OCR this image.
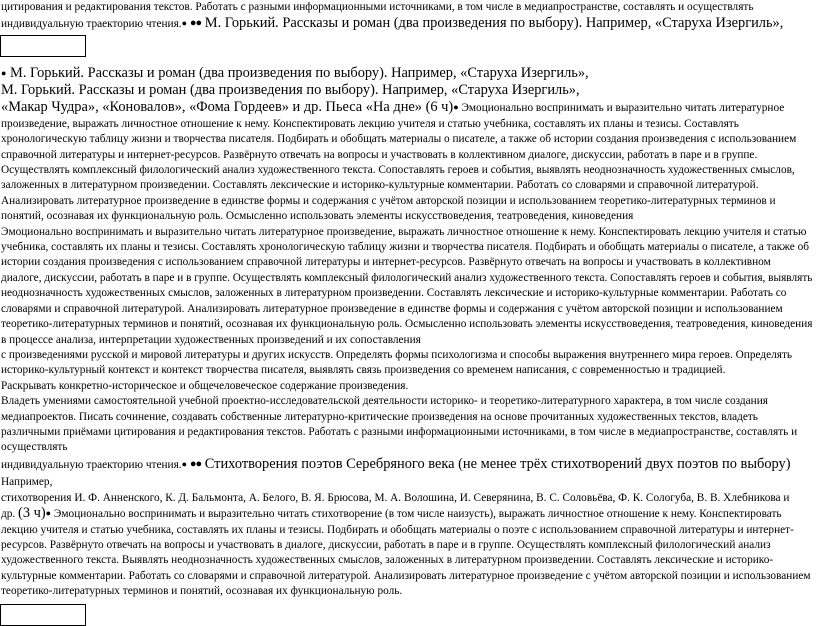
цитирования и редактирования текстов. Работать с разными информационными источниками, в том числе в медиапространстве, составлять и осуществлять

индивидуальную траекторию чтения.● ●● М. Горький. Рассказы и роман (два произведения по выбору). Например, «Старуха Изергиль»,

● М. Горький. Рассказы и роман (два произведения по выбору). Например, «Старуха Изергиль»,

М. Горький. Рассказы и роман (два произведения по выбору). Например, «Старуха Изергиль»,

«Макар Чудра», «Коновалов», «Фома Гордеев» и др. Пьеса «На дне» (6 ч)● Эмоционально воспринимать и выразительно читать литературное

произведение, выражать личностное отношение к нему. Конспектировать лекцию учителя и статью учебника, составлять их планы и тезисы. Составлять хронологическую таблицу жизни и творчества писателя. Подбирать и обобщать материалы о писателе, а также об истории создания произведения с использованием справочной литературы и интернет-ресурсов. Развёрнуто отвечать на вопросы и участвовать в коллективном диалоге, дискуссии, работать в паре и в группе. Осуществлять комплексный филологический анализ художественного текста. Сопоставлять героев и события, выявлять неоднозначность художественных смыслов, заложенных в литературном произведении. Составлять лексические и историко-культурные комментарии. Работать со словарями и справочной литературой. Анализировать литературное произведение в единстве формы и содержания с учётом авторской позиции и использованием теоретико-литературных терминов и понятий, осознавая их функциональную роль. Осмысленно использовать элементы искусствоведения, театроведения, киноведения

Эмоционально воспринимать и выразительно читать литературное произведение, выражать личностное отношение к нему. Конспектировать лекцию учителя и статью учебника, составлять их планы и тезисы. Составлять хронологическую таблицу жизни и творчества писателя. Подбирать и обобщать материалы о писателе, а также об истории создания произведения с использованием справочной литературы и интернет-ресурсов. Развёрнуто отвечать на вопросы и участвовать в коллективном диалоге, дискуссии, работать в паре и в группе. Осуществлять комплексный филологический анализ художественного текста. Сопоставлять героев и события, выявлять неоднозначность художественных смыслов, заложенных в литературном произведении. Составлять лексические и историко-культурные комментарии. Работать со словарями и справочной литературой. Анализировать литературное произведение в единстве формы и содержания с учётом авторской позиции и использованием теоретико-литературных терминов и понятий, осознавая их функциональную роль. Осмысленно использовать элементы искусствоведения, театроведения, киноведения в процессе анализа, интерпретации художественных произведений и их сопоставления

с произведениями русской и мировой литературы и других искусств. Определять формы психологизма и способы выражения внутреннего мира героев. Определять историко-культурный контекст и контекст творчества писателя, выявлять связь произведения со временем написания, с современностью и традицией.

Раскрывать конкретно-историческое и общечеловеческое содержание произведения.

Владеть умениями самостоятельной учебной проектно-исследовательской деятельности историко- и теоретико-литературного характера, в том числе создания медиапроектов. Писать сочинение, создавать собственные литературно-критические произведения на основе прочитанных художественных текстов, владеть различными приёмами цитирования и редактирования текстов. Работать с разными информационными источниками, в том числе в медиапространстве, составлять и осуществлять

индивидуальную траекторию чтения.● ●● Стихотворения поэтов Серебряного века (не менее трёх стихотворений двух поэтов по выбору) Например,

стихотворения И. Ф. Анненского, К. Д. Бальмонта, А. Белого, В. Я. Брюсова, М. А. Волошина, И. Северянина, В. С. Соловьёва, Ф. К. Сологуба, В. В. Хлебникова и

др. (3 ч)● Эмоционально воспринимать и выразительно читать стихотворение (в том числе наизусть), выражать личностное отношение к нему. Конспектировать лекцию учителя и статью учебника, составлять их планы и тезисы. Подбирать и обобщать материалы о поэте с использованием справочной литературы и интернет-ресурсов. Развёрнуто отвечать на вопросы и участвовать в диалоге, дискуссии, работать в паре и в группе. Осуществлять комплексный филологический анализ художественного текста. Выявлять неоднозначность художественных смыслов, заложенных в литературном произведении. Составлять лексические и историко-культурные комментарии. Работать со словарями и справочной литературой. Анализировать литературное произведение с учётом авторской позиции и использованием теоретико-литературных терминов и понятий, осознавая их функциональную роль.
